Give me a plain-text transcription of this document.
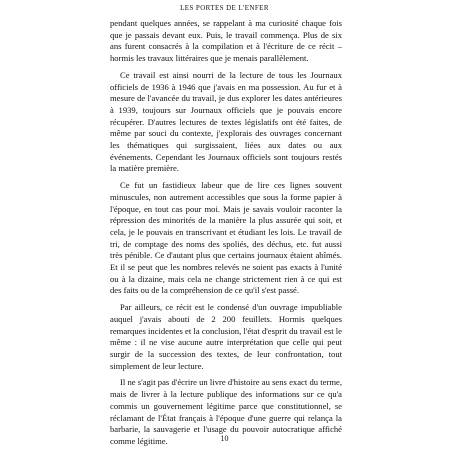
LES PORTES DE L'ENFER

pendant quelques années, se rappelant à ma curiosité chaque fois que je passais devant eux. Puis, le travail commença. Plus de six ans furent consacrés à la compilation et à l'écriture de ce récit – hormis les travaux littéraires que je menais parallèlement.

Ce travail est ainsi nourri de la lecture de tous les Journaux officiels de 1936 à 1946 que j'avais en ma possession. Au fur et à mesure de l'avancée du travail, je dus explorer les dates antérieures à 1939, toujours sur Journaux officiels que je pouvais encore récupérer. D'autres lectures de textes législatifs ont été faites, de même par souci du contexte, j'explorais des ouvrages concernant les thématiques qui surgissaient, liées aux dates ou aux événements. Cependant les Journaux officiels sont toujours restés la matière première.

Ce fut un fastidieux labeur que de lire ces lignes souvent minuscules, non autrement accessibles que sous la forme papier à l'époque, en tout cas pour moi. Mais je savais vouloir raconter la répression des minorités de la manière la plus assurée qui soit, et cela, je le pouvais en transcrivant et étudiant les lois. Le travail de tri, de comptage des noms des spoliés, des déchus, etc. fut aussi très pénible. Ce d'autant plus que certains journaux étaient abîmés. Et il se peut que les nombres relevés ne soient pas exacts à l'unité ou à la dizaine, mais cela ne change strictement rien à ce qui est des faits ou de la compréhension de ce qu'il s'est passé.

Par ailleurs, ce récit est le condensé d'un ouvrage impubliable auquel j'avais abouti de 2 200 feuillets. Hormis quelques remarques incidentes et la conclusion, l'état d'esprit du travail est le même : il ne vise aucune autre interprétation que celle qui peut surgir de la succession des textes, de leur confrontation, tout simplement de leur lecture.

Il ne s'agit pas d'écrire un livre d'histoire au sens exact du terme, mais de livrer à la lecture publique des informations sur ce qu'a commis un gouvernement légitime parce que constitutionnel, se réclamant de l'État français à l'époque d'une guerre qui relança la barbarie, la sauvagerie et l'usage du pouvoir autocratique affiché comme légitime.	10
